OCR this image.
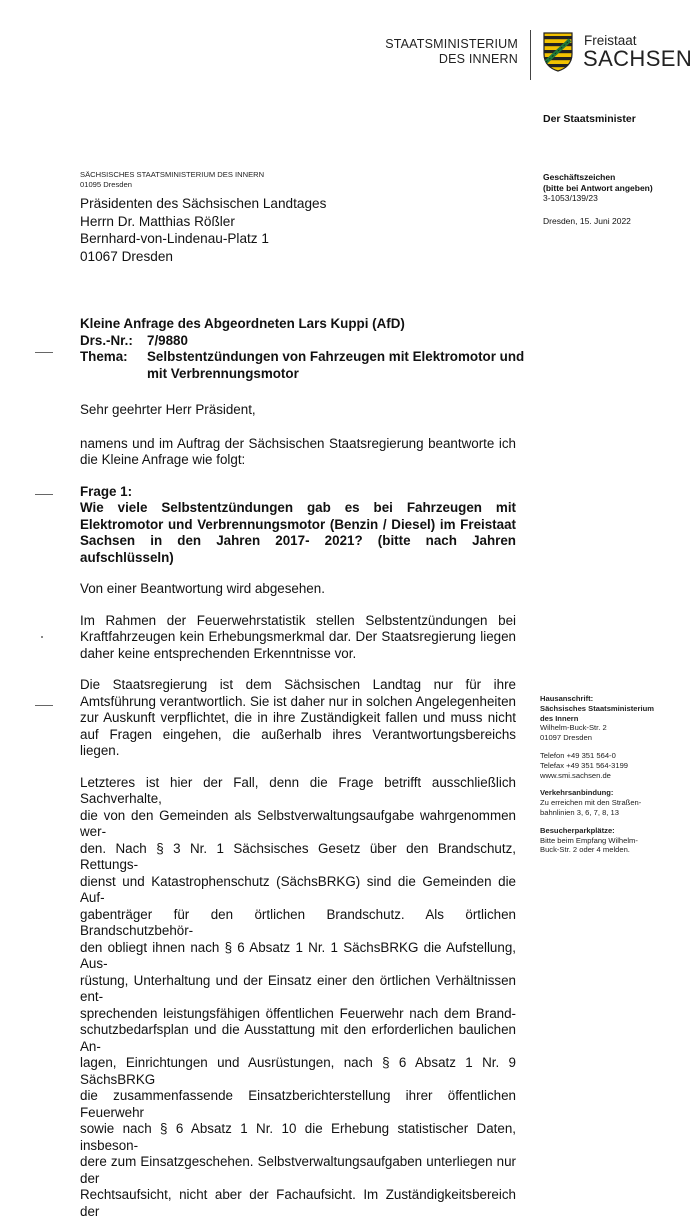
STAATSMINISTERIUM
DES INNERN
Freistaat
SACHSEN
Der Staatsminister
SÄCHSISCHES STAATSMINISTERIUM DES INNERN
01095 Dresden
Präsidenten des Sächsischen Landtages
Herrn Dr. Matthias Rößler
Bernhard-von-Lindenau-Platz 1
01067 Dresden
Geschäftszeichen
(bitte bei Antwort angeben)
3-1053/139/23
Dresden, 15. Juni 2022
Kleine Anfrage des Abgeordneten Lars Kuppi (AfD)
Drs.-Nr.: 7/9880
Thema: Selbstentzündungen von Fahrzeugen mit Elektromotor und
mit Verbrennungsmotor

Sehr geehrter Herr Präsident,

namens und im Auftrag der Sächsischen Staatsregierung beantworte ich die Kleine Anfrage wie folgt:

Frage 1:

Wie viele Selbstentzündungen gab es bei Fahrzeugen mit Elektromotor und Verbrennungsmotor (Benzin / Diesel) im Freistaat Sachsen in den Jahren 2017- 2021? (bitte nach Jahren aufschlüsseln)

Von einer Beantwortung wird abgesehen.

Im Rahmen der Feuerwehrstatistik stellen Selbstentzündungen bei Kraftfahrzeugen kein Erhebungsmerkmal dar. Der Staatsregierung liegen daher keine entsprechenden Erkenntnisse vor.

Die Staatsregierung ist dem Sächsischen Landtag nur für ihre Amtsführung verantwortlich. Sie ist daher nur in solchen Angelegenheiten zur Auskunft verpflichtet, die in ihre Zuständigkeit fallen und muss nicht auf Fragen eingehen, die außerhalb ihres Verantwortungsbereichs liegen.

Letzteres ist hier der Fall, denn die Frage betrifft ausschließlich Sachverhalte,
die von den Gemeinden als Selbstverwaltungsaufgabe wahrgenommen wer-
den. Nach § 3 Nr. 1 Sächsisches Gesetz über den Brandschutz, Rettungs-
dienst und Katastrophenschutz (SächsBRKG) sind die Gemeinden die Auf-
gabenträger für den örtlichen Brandschutz. Als örtlichen Brandschutzbehör-
den obliegt ihnen nach § 6 Absatz 1 Nr. 1 SächsBRKG die Aufstellung, Aus-
rüstung, Unterhaltung und der Einsatz einer den örtlichen Verhältnissen ent-
sprechenden leistungsfähigen öffentlichen Feuerwehr nach dem Brand-
schutzbedarfsplan und die Ausstattung mit den erforderlichen baulichen An-
lagen, Einrichtungen und Ausrüstungen, nach § 6 Absatz 1 Nr. 9 SächsBRKG
die zusammenfassende Einsatzberichterstellung ihrer öffentlichen Feuerwehr
sowie nach § 6 Absatz 1 Nr. 10 die Erhebung statistischer Daten, insbeson-
dere zum Einsatzgeschehen. Selbstverwaltungsaufgaben unterliegen nur der
Rechtsaufsicht, nicht aber der Fachaufsicht. Im Zuständigkeitsbereich der
Hausanschrift:
Sächsisches Staatsministerium
des Innern
Wilhelm-Buck-Str. 2
01097 Dresden
Telefon +49 351 564-0
Telefax +49 351 564-3199
www.smi.sachsen.de
Verkehrsanbindung:
Zu erreichen mit den Straßen-
bahnlinien 3, 6, 7, 8, 13
Besucherparkplätze:
Bitte beim Empfang Wilhelm-
Buck-Str. 2 oder 4 melden.
